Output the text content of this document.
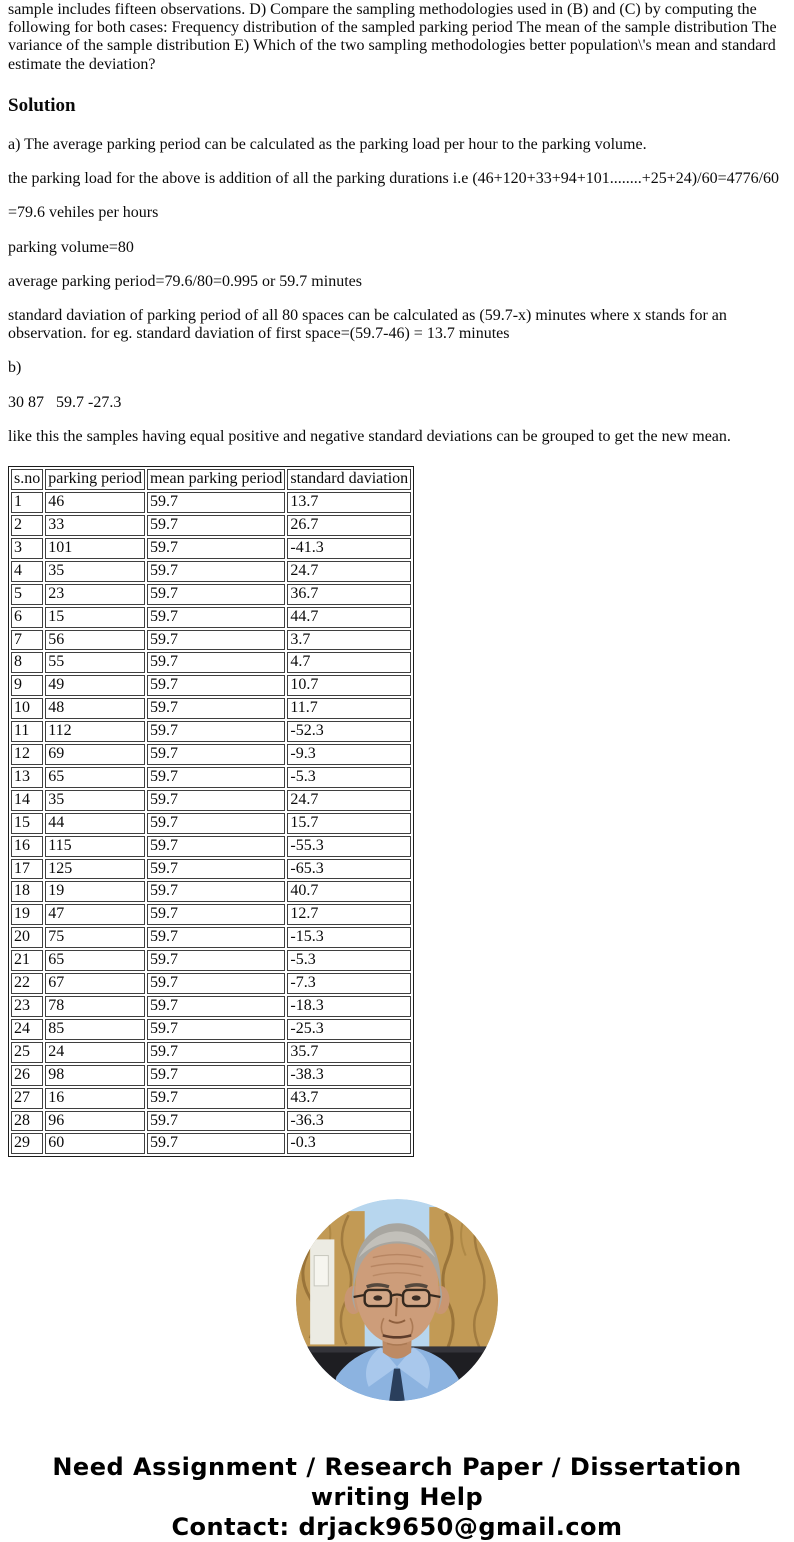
sample includes fifteen observations. D) Compare the sampling methodologies used in (B) and (C) by computing the following for both cases: Frequency distribution of the sampled parking period The mean of the sample distribution The variance of the sample distribution E) Which of the two sampling methodologies better population\'s mean and standard estimate the deviation?

Solution

a) The average parking period can be calculated as the parking load per hour to the parking volume.

the parking load for the above is addition of all the parking durations i.e (46+120+33+94+101........+25+24)/60=4776/60

=79.6 vehiles per hours

parking volume=80

average parking period=79.6/80=0.995 or 59.7 minutes

standard daviation of parking period of all 80 spaces can be calculated as (59.7-x) minutes where x stands for an observation. for eg. standard daviation of first space=(59.7-46) = 13.7 minutes

b)

30 87   59.7 -27.3

like this the samples having equal positive and negative standard deviations can be grouped to get the new mean.

s.no	parking period	mean parking period	standard daviation
1	46	59.7	13.7
2	33	59.7	26.7
3	101	59.7	-41.3
4	35	59.7	24.7
5	23	59.7	36.7
6	15	59.7	44.7
7	56	59.7	3.7
8	55	59.7	4.7
9	49	59.7	10.7
10	48	59.7	11.7
11	112	59.7	-52.3
12	69	59.7	-9.3
13	65	59.7	-5.3
14	35	59.7	24.7
15	44	59.7	15.7
16	115	59.7	-55.3
17	125	59.7	-65.3
18	19	59.7	40.7
19	47	59.7	12.7
20	75	59.7	-15.3
21	65	59.7	-5.3
22	67	59.7	-7.3
23	78	59.7	-18.3
24	85	59.7	-25.3
25	24	59.7	35.7
26	98	59.7	-38.3
27	16	59.7	43.7
28	96	59.7	-36.3
29	60	59.7	-0.3
Need Assignment / Research Paper / Dissertation
writing Help
Contact: drjack9650@gmail.com
